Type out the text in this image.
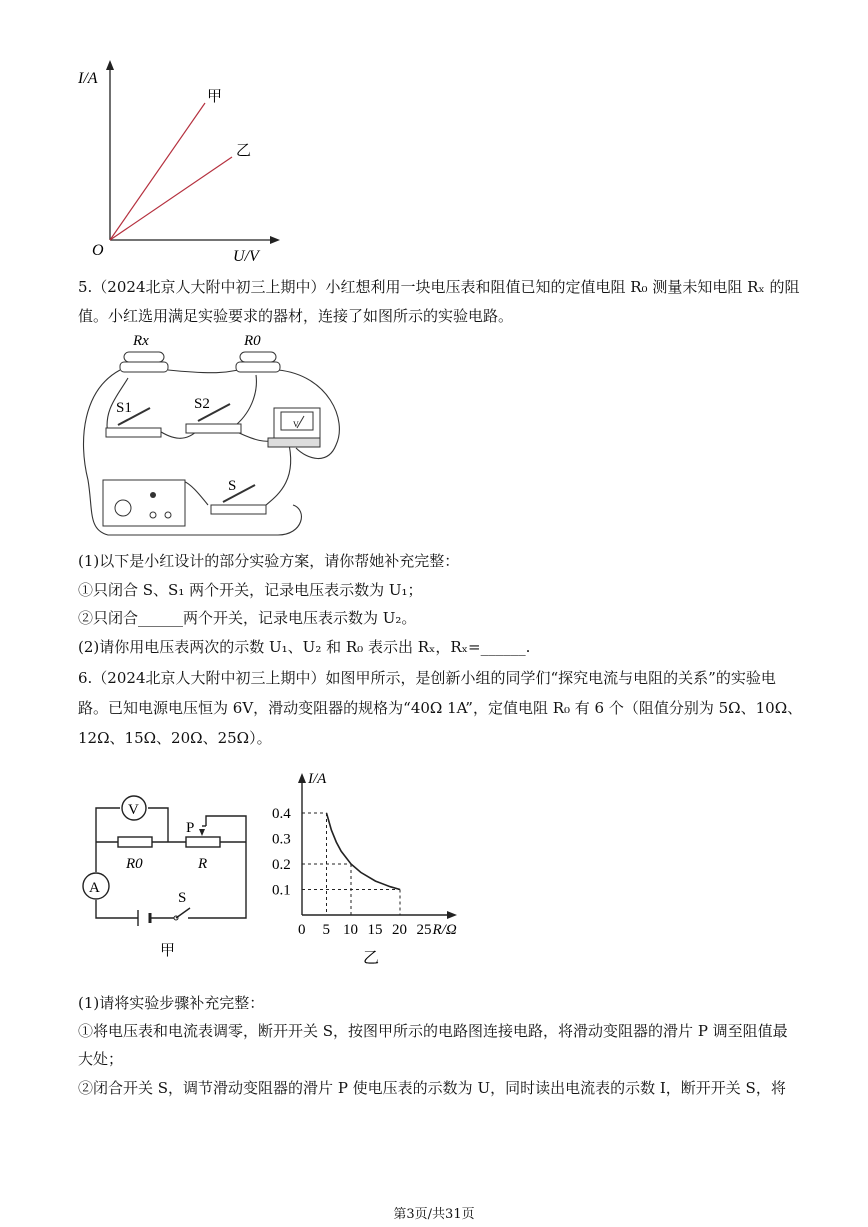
I/A
O	U/V
甲
乙
5.（2024北京人大附中初三上期中）小红想利用一块电压表和阻值已知的定值电阻 R₀ 测量未知电阻 Rₓ 的阻
值。小红选用满足实验要求的器材，连接了如图所示的实验电路。
Rx	R0
S1	S2
V
S
(1)以下是小红设计的部分实验方案，请你帮她补充完整：
①只闭合 S、S₁ 两个开关，记录电压表示数为 U₁；
②只闭合______两个开关，记录电压表示数为 U₂。
(2)请你用电压表两次的示数 U₁、U₂ 和 R₀ 表示出 Rₓ，Rₓ=______.
6.（2024北京人大附中初三上期中）如图甲所示，是创新小组的同学们“探究电流与电阻的关系”的实验电
路。已知电源电压恒为 6V，滑动变阻器的规格为“40Ω 1A”，定值电阻 R₀ 有 6 个（阻值分别为 5Ω、10Ω、
12Ω、15Ω、20Ω、25Ω）。
V
A
R0
P
R
S
甲
I/A
R/Ω
0 5 10 15 20 25
0.1
0.2
0.3
0.4
乙
(1)请将实验步骤补充完整：
①将电压表和电流表调零，断开开关 S，按图甲所示的电路图连接电路，将滑动变阻器的滑片 P 调至阻值最
大处；
②闭合开关 S，调节滑动变阻器的滑片 P 使电压表的示数为 U，同时读出电流表的示数 I，断开开关 S，将
第3页/共31页
